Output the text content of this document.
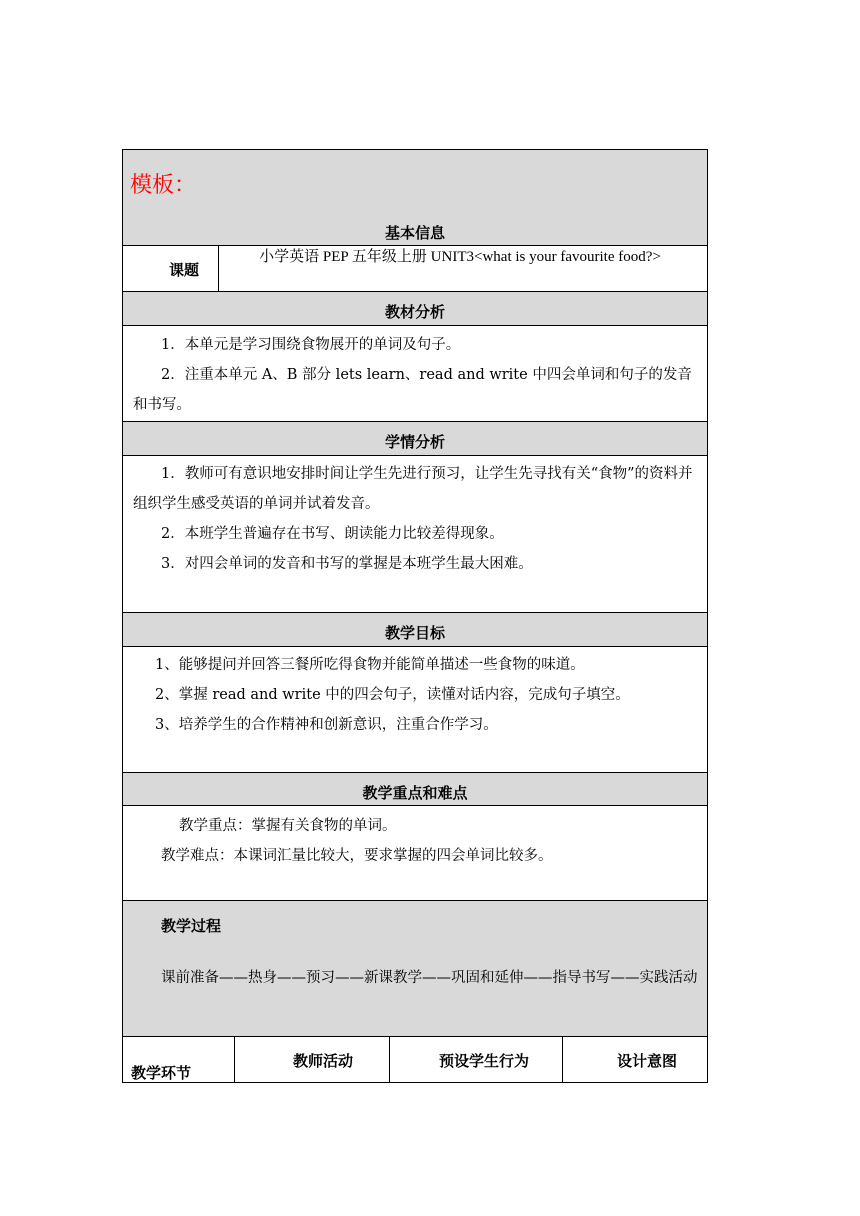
模板：
基本信息
课题
小学英语 PEP 五年级上册 UNIT3<what is your favourite food?>
教材分析

1．本单元是学习围绕食物展开的单词及句子。

2．注重本单元 A、B 部分 lets learn、read and write 中四会单词和句子的发音和书写。

学情分析

1．教师可有意识地安排时间让学生先进行预习，让学生先寻找有关“食物”的资料并组织学生感受英语的单词并试着发音。

2．本班学生普遍存在书写、朗读能力比较差得现象。

3．对四会单词的发音和书写的掌握是本班学生最大困难。

教学目标

1、能够提问并回答三餐所吃得食物并能简单描述一些食物的味道。

2、掌握 read and write 中的四会句子，读懂对话内容，完成句子填空。

3、培养学生的合作精神和创新意识，注重合作学习。

教学重点和难点

教学重点：掌握有关食物的单词。

教学难点：本课词汇量比较大，要求掌握的四会单词比较多。

教学过程

课前准备——热身——预习——新课教学——巩固和延伸——指导书写——实践活动

教学环节
教师活动	预设学生行为	设计意图
